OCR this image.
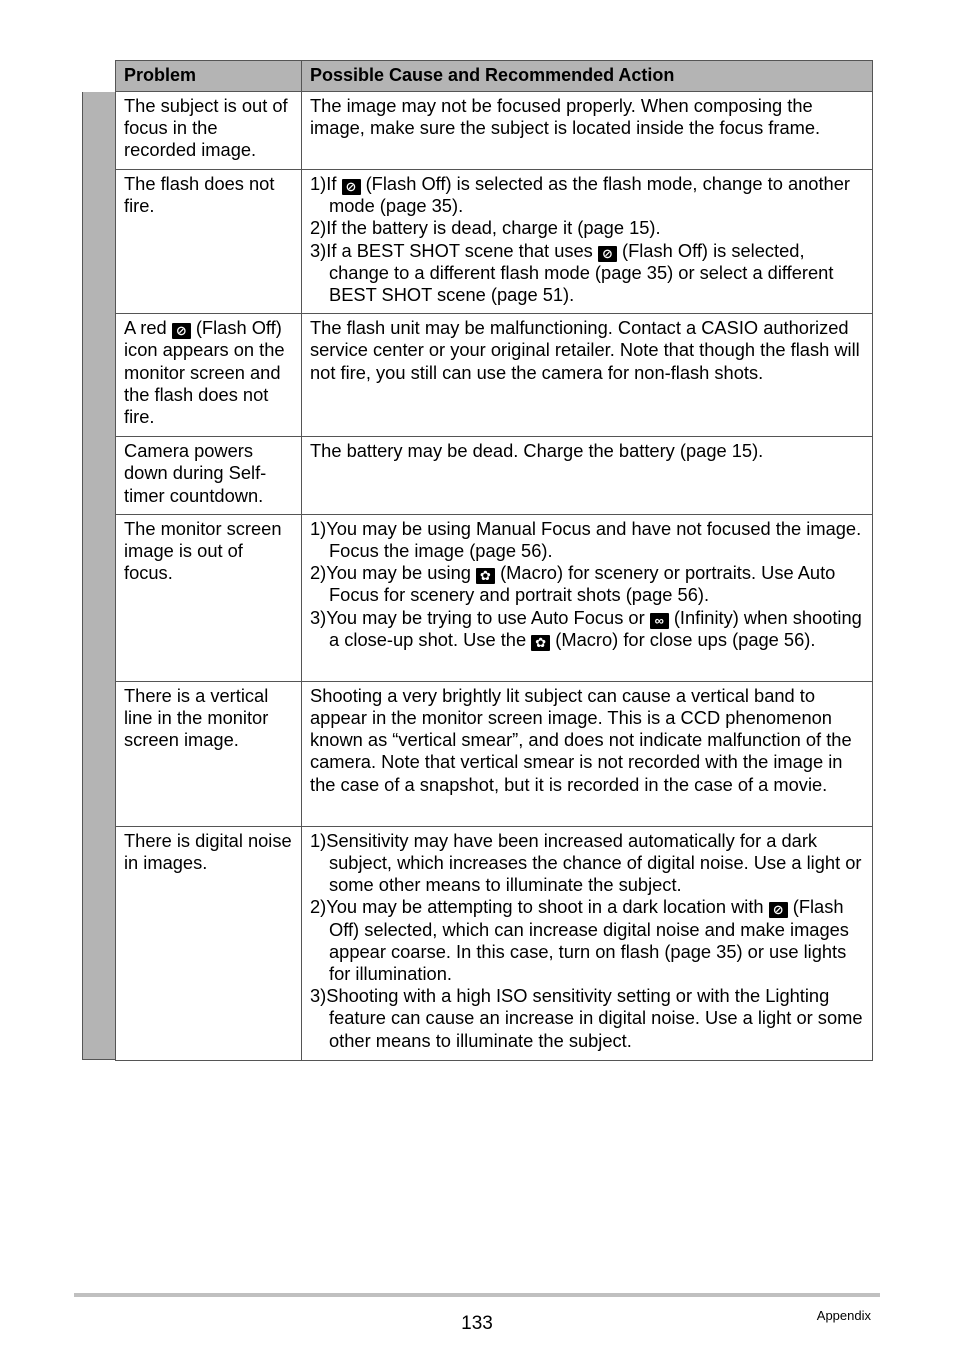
Problem	Possible Cause and Recommended Action
The subject is out of focus in the recorded image.	The image may not be focused properly. When composing the image, make sure the subject is located inside the focus frame.
The flash does not fire.	1)If ⊘ (Flash Off) is selected as the flash mode, change to another mode (page 35).
2)If the battery is dead, charge it (page 15).
3)If a BEST SHOT scene that uses ⊘ (Flash Off) is selected, change to a different flash mode (page 35) or select a different BEST SHOT scene (page 51).

A red ⊘ (Flash Off) icon appears on the monitor screen and the flash does not fire.	The flash unit may be malfunctioning. Contact a CASIO authorized service center or your original retailer. Note that though the flash will not fire, you still can use the camera for non-flash shots.
Camera powers down during Self-timer countdown.	The battery may be dead. Charge the battery (page 15).
The monitor screen image is out of focus.	1)You may be using Manual Focus and have not focused the image. Focus the image (page 56).
2)You may be using ✿ (Macro) for scenery or portraits. Use Auto Focus for scenery and portrait shots (page 56).
3)You may be trying to use Auto Focus or ∞ (Infinity) when shooting a close-up shot. Use the ✿ (Macro) for close ups (page 56).

There is a vertical line in the monitor screen image.	Shooting a very brightly lit subject can cause a vertical band to appear in the monitor screen image. This is a CCD phenomenon known as “vertical smear”, and does not indicate malfunction of the camera. Note that vertical smear is not recorded with the image in the case of a snapshot, but it is recorded in the case of a movie.
There is digital noise in images.	1)Sensitivity may have been increased automatically for a dark subject, which increases the chance of digital noise. Use a light or some other means to illuminate the subject.
2)You may be attempting to shoot in a dark location with ⊘ (Flash Off) selected, which can increase digital noise and make images appear coarse. In this case, turn on flash (page 35) or use lights for illumination.
3)Shooting with a high ISO sensitivity setting or with the Lighting feature can cause an increase in digital noise. Use a light or some other means to illuminate the subject.
133	Appendix
